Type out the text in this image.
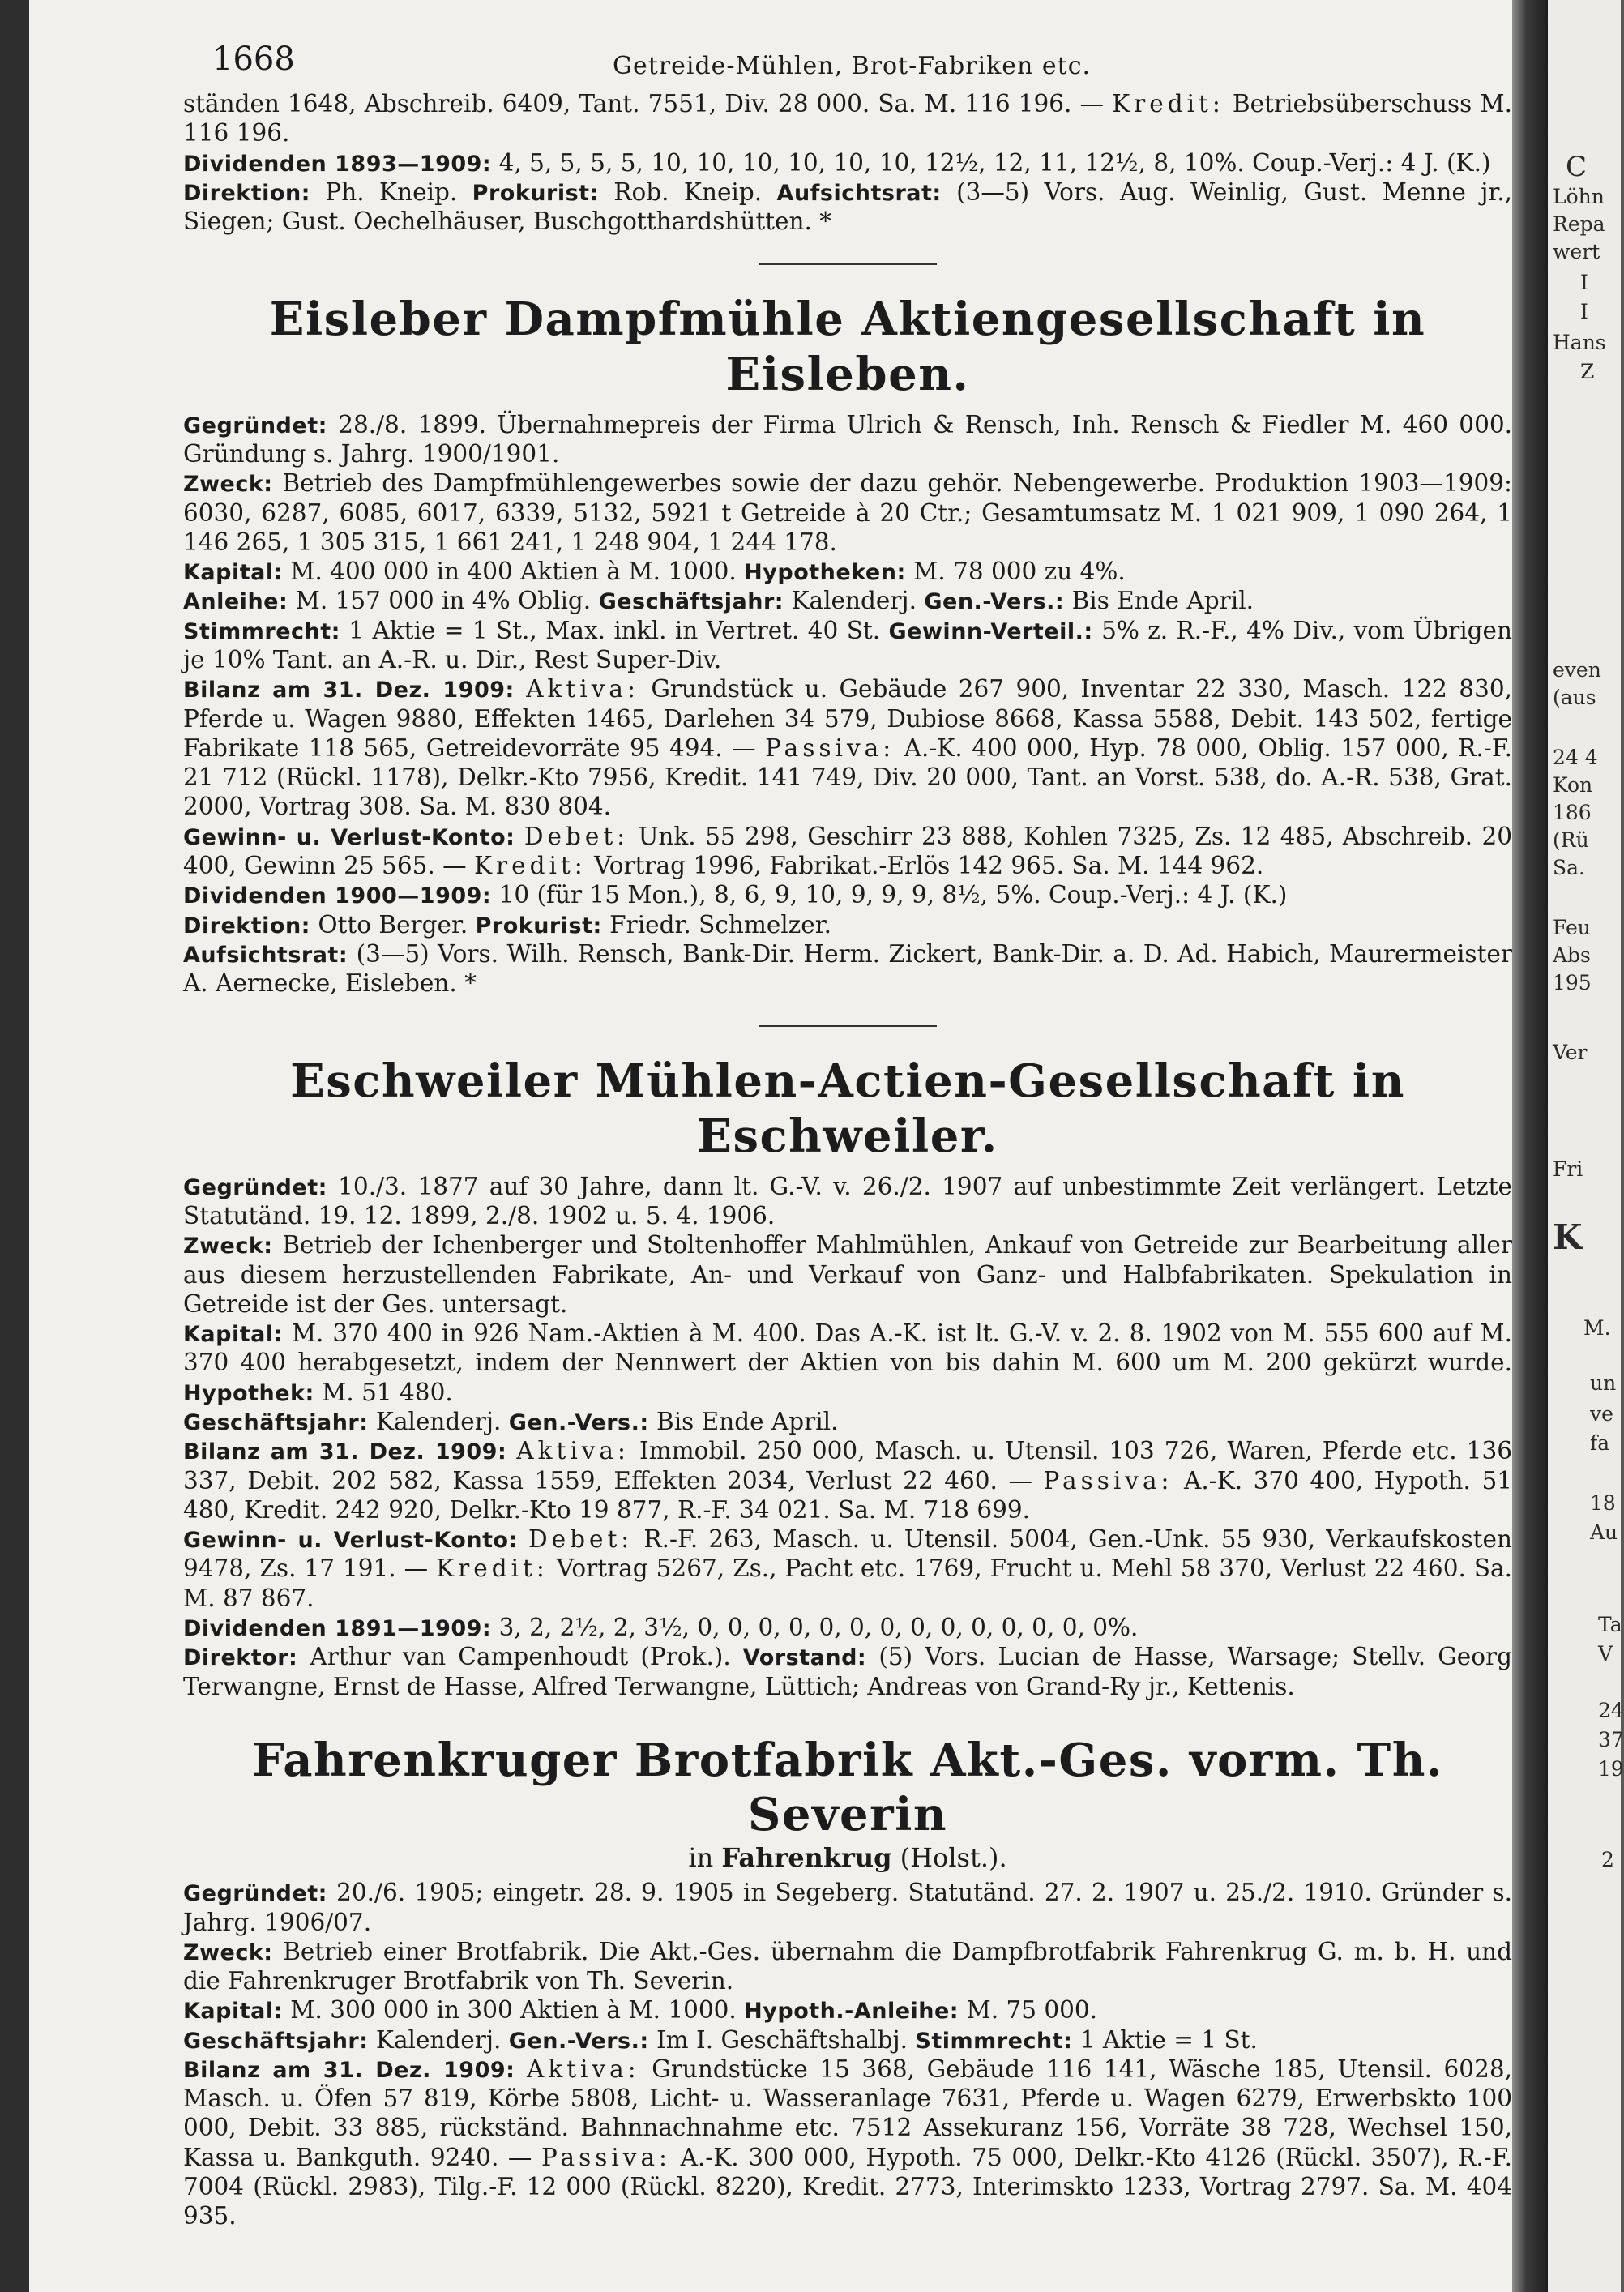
1668	Getreide-Mühlen, Brot-Fabriken etc.

ständen 1648, Abschreib. 6409, Tant. 7551, Div. 28 000. Sa. M. 116 196. — Kredit: Betriebsüberschuss M. 116 196.

Dividenden 1893—1909: 4, 5, 5, 5, 5, 10, 10, 10, 10, 10, 10, 12½, 12, 11, 12½, 8, 10%. Coup.-Verj.: 4 J. (K.)

Direktion: Ph. Kneip. Prokurist: Rob. Kneip. Aufsichtsrat: (3—5) Vors. Aug. Weinlig, Gust. Menne jr., Siegen; Gust. Oechelhäuser, Buschgotthardshütten. *

Eisleber Dampfmühle Aktiengesellschaft in Eisleben.

Gegründet: 28./8. 1899. Übernahmepreis der Firma Ulrich & Rensch, Inh. Rensch & Fiedler M. 460 000. Gründung s. Jahrg. 1900/1901.

Zweck: Betrieb des Dampfmühlengewerbes sowie der dazu gehör. Nebengewerbe. Produktion 1903—1909: 6030, 6287, 6085, 6017, 6339, 5132, 5921 t Getreide à 20 Ctr.; Gesamtumsatz M. 1 021 909, 1 090 264, 1 146 265, 1 305 315, 1 661 241, 1 248 904, 1 244 178.

Kapital: M. 400 000 in 400 Aktien à M. 1000. Hypotheken: M. 78 000 zu 4%.

Anleihe: M. 157 000 in 4% Oblig. Geschäftsjahr: Kalenderj. Gen.-Vers.: Bis Ende April.

Stimmrecht: 1 Aktie = 1 St., Max. inkl. in Vertret. 40 St. Gewinn-Verteil.: 5% z. R.-F., 4% Div., vom Übrigen je 10% Tant. an A.-R. u. Dir., Rest Super-Div.

Bilanz am 31. Dez. 1909: Aktiva: Grundstück u. Gebäude 267 900, Inventar 22 330, Masch. 122 830, Pferde u. Wagen 9880, Effekten 1465, Darlehen 34 579, Dubiose 8668, Kassa 5588, Debit. 143 502, fertige Fabrikate 118 565, Getreidevorräte 95 494. — Passiva: A.-K. 400 000, Hyp. 78 000, Oblig. 157 000, R.-F. 21 712 (Rückl. 1178), Delkr.-Kto 7956, Kredit. 141 749, Div. 20 000, Tant. an Vorst. 538, do. A.-R. 538, Grat. 2000, Vortrag 308. Sa. M. 830 804.

Gewinn- u. Verlust-Konto: Debet: Unk. 55 298, Geschirr 23 888, Kohlen 7325, Zs. 12 485, Abschreib. 20 400, Gewinn 25 565. — Kredit: Vortrag 1996, Fabrikat.-Erlös 142 965. Sa. M. 144 962.

Dividenden 1900—1909: 10 (für 15 Mon.), 8, 6, 9, 10, 9, 9, 9, 8½, 5%. Coup.-Verj.: 4 J. (K.)

Direktion: Otto Berger. Prokurist: Friedr. Schmelzer.

Aufsichtsrat: (3—5) Vors. Wilh. Rensch, Bank-Dir. Herm. Zickert, Bank-Dir. a. D. Ad. Habich, Maurermeister A. Aernecke, Eisleben. *

Eschweiler Mühlen-Actien-Gesellschaft in Eschweiler.

Gegründet: 10./3. 1877 auf 30 Jahre, dann lt. G.-V. v. 26./2. 1907 auf unbestimmte Zeit verlängert. Letzte Statutänd. 19. 12. 1899, 2./8. 1902 u. 5. 4. 1906.

Zweck: Betrieb der Ichenberger und Stoltenhoffer Mahlmühlen, Ankauf von Getreide zur Bearbeitung aller aus diesem herzustellenden Fabrikate, An- und Verkauf von Ganz- und Halbfabrikaten. Spekulation in Getreide ist der Ges. untersagt.

Kapital: M. 370 400 in 926 Nam.-Aktien à M. 400. Das A.-K. ist lt. G.-V. v. 2. 8. 1902 von M. 555 600 auf M. 370 400 herabgesetzt, indem der Nennwert der Aktien von bis dahin M. 600 um M. 200 gekürzt wurde. Hypothek: M. 51 480.

Geschäftsjahr: Kalenderj. Gen.-Vers.: Bis Ende April.

Bilanz am 31. Dez. 1909: Aktiva: Immobil. 250 000, Masch. u. Utensil. 103 726, Waren, Pferde etc. 136 337, Debit. 202 582, Kassa 1559, Effekten 2034, Verlust 22 460. — Passiva: A.-K. 370 400, Hypoth. 51 480, Kredit. 242 920, Delkr.-Kto 19 877, R.-F. 34 021. Sa. M. 718 699.

Gewinn- u. Verlust-Konto: Debet: R.-F. 263, Masch. u. Utensil. 5004, Gen.-Unk. 55 930, Verkaufskosten 9478, Zs. 17 191. — Kredit: Vortrag 5267, Zs., Pacht etc. 1769, Frucht u. Mehl 58 370, Verlust 22 460. Sa. M. 87 867.

Dividenden 1891—1909: 3, 2, 2½, 2, 3½, 0, 0, 0, 0, 0, 0, 0, 0, 0, 0, 0, 0, 0, 0%.

Direktor: Arthur van Campenhoudt (Prok.). Vorstand: (5) Vors. Lucian de Hasse, Warsage; Stellv. Georg Terwangne, Ernst de Hasse, Alfred Terwangne, Lüttich; Andreas von Grand-Ry jr., Kettenis.

Fahrenkruger Brotfabrik Akt.-Ges. vorm. Th. Severin
in Fahrenkrug (Holst.).

Gegründet: 20./6. 1905; eingetr. 28. 9. 1905 in Segeberg. Statutänd. 27. 2. 1907 u. 25./2. 1910. Gründer s. Jahrg. 1906/07.

Zweck: Betrieb einer Brotfabrik. Die Akt.-Ges. übernahm die Dampfbrotfabrik Fahrenkrug G. m. b. H. und die Fahrenkruger Brotfabrik von Th. Severin.

Kapital: M. 300 000 in 300 Aktien à M. 1000. Hypoth.-Anleihe: M. 75 000.

Geschäftsjahr: Kalenderj. Gen.-Vers.: Im I. Geschäftshalbj. Stimmrecht: 1 Aktie = 1 St.

Bilanz am 31. Dez. 1909: Aktiva: Grundstücke 15 368, Gebäude 116 141, Wäsche 185, Utensil. 6028, Masch. u. Öfen 57 819, Körbe 5808, Licht- u. Wasseranlage 7631, Pferde u. Wagen 6279, Erwerbskto 100 000, Debit. 33 885, rückständ. Bahnnachnahme etc. 7512 Assekuranz 156, Vorräte 38 728, Wechsel 150, Kassa u. Bankguth. 9240. — Passiva: A.-K. 300 000, Hypoth. 75 000, Delkr.-Kto 4126 (Rückl. 3507), R.-F. 7004 (Rückl. 2983), Tilg.-F. 12 000 (Rückl. 8220), Kredit. 2773, Interimskto 1233, Vortrag 2797. Sa. M. 404 935.

C
Löhn
Repa
wert
I
I
Hans
Z
even
(aus
24 4
Kon
186
(Rü
Sa.
Feu
Abs
195
Ver
Fri
K
M.
un
ve
fa
18
Au
Ta
V
24
37
19
2
